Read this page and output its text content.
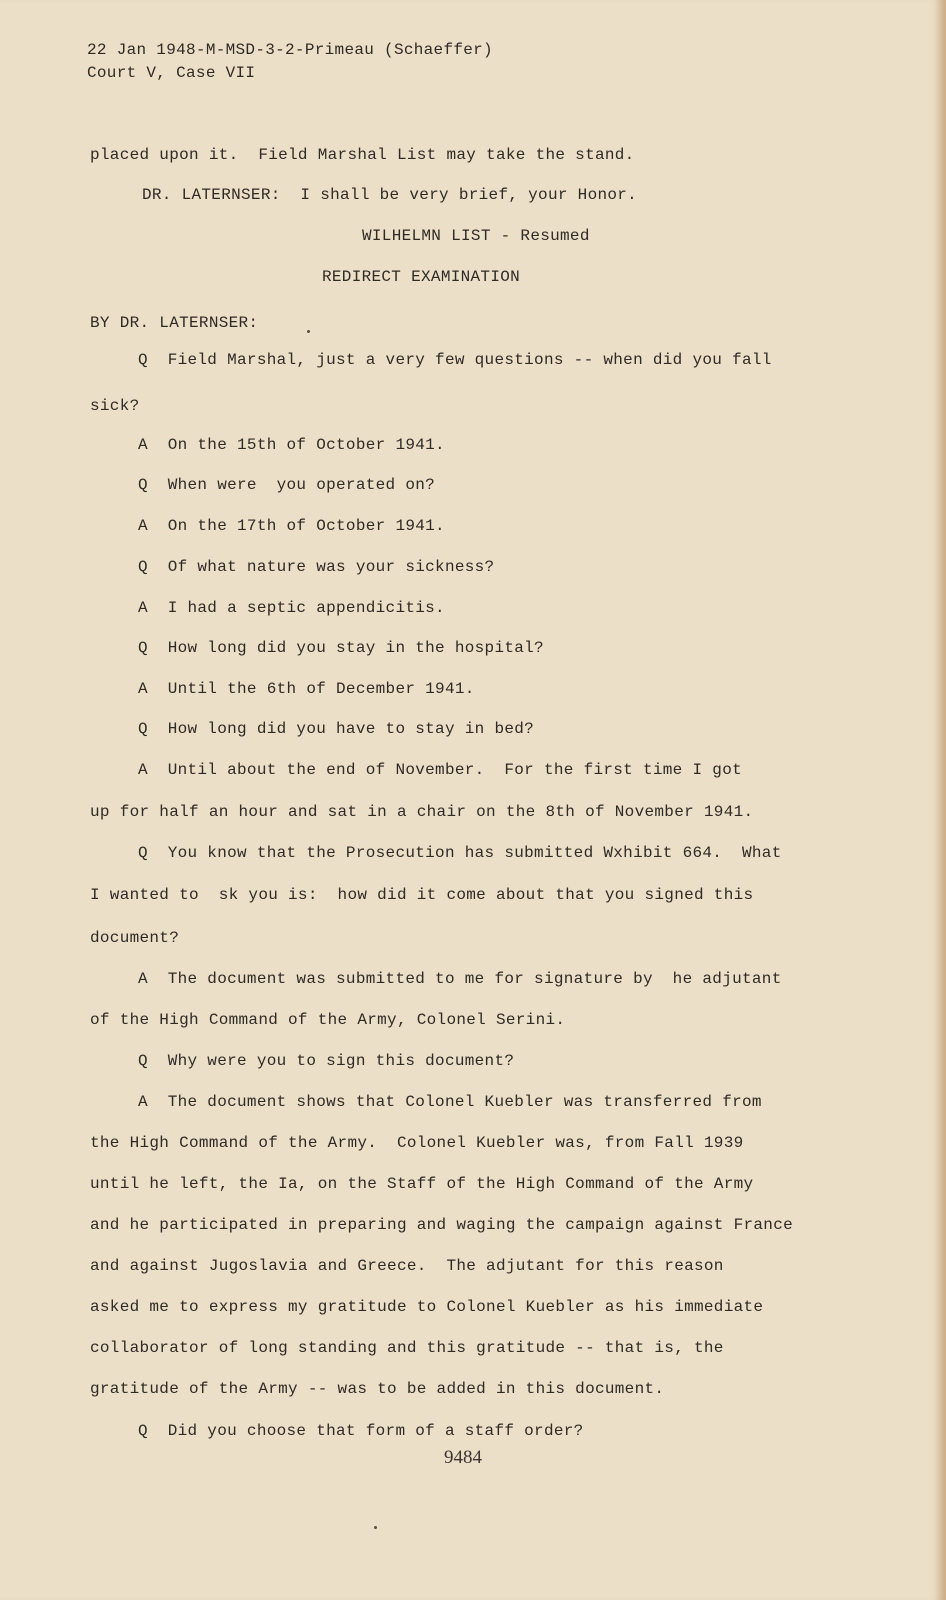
22 Jan 1948-M-MSD-3-2-Primeau (Schaeffer)
Court V, Case VII
placed upon it.  Field Marshal List may take the stand.
DR. LATERNSER:  I shall be very brief, your Honor.
WILHELMN LIST - Resumed
REDIRECT EXAMINATION
BY DR. LATERNSER:
Q  Field Marshal, just a very few questions -- when did you fall
sick?
A  On the 15th of October 1941.
Q  When were  you operated on?
A  On the 17th of October 1941.
Q  Of what nature was your sickness?
A  I had a septic appendicitis.
Q  How long did you stay in the hospital?
A  Until the 6th of December 1941.
Q  How long did you have to stay in bed?
A  Until about the end of November.  For the first time I got
up for half an hour and sat in a chair on the 8th of November 1941.
Q  You know that the Prosecution has submitted Wxhibit 664.  What
I wanted to  sk you is:  how did it come about that you signed this
document?
A  The document was submitted to me for signature by  he adjutant
of the High Command of the Army, Colonel Serini.
Q  Why were you to sign this document?
A  The document shows that Colonel Kuebler was transferred from
the High Command of the Army.  Colonel Kuebler was, from Fall 1939
until he left, the Ia, on the Staff of the High Command of the Army
and he participated in preparing and waging the campaign against France
and against Jugoslavia and Greece.  The adjutant for this reason
asked me to express my gratitude to Colonel Kuebler as his immediate
collaborator of long standing and this gratitude -- that is, the
gratitude of the Army -- was to be added in this document.
Q  Did you choose that form of a staff order?
9484
